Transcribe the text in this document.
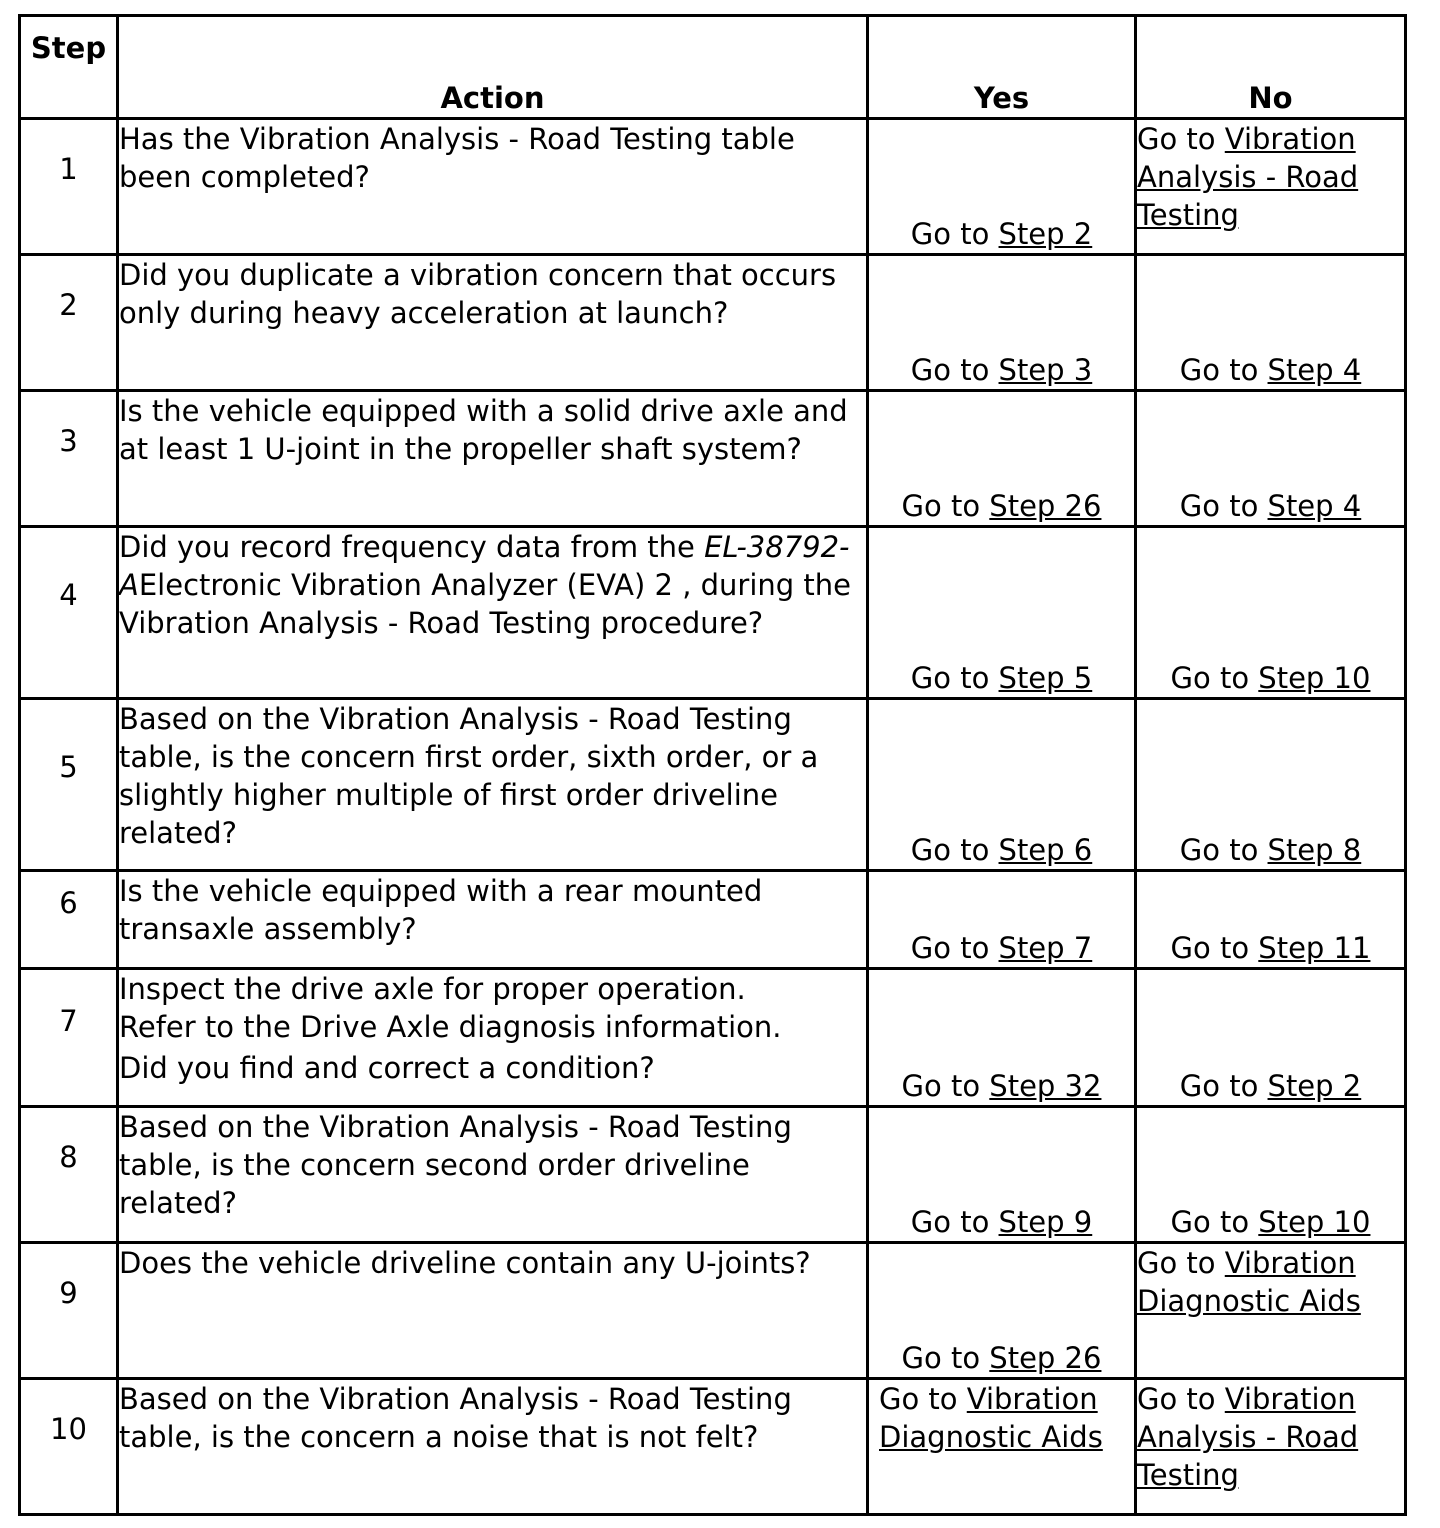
Step	Action	Yes	No
1	Has the Vibration Analysis - Road Testing table been completed?	Go to Step 2	Go to Vibration Analysis - Road Testing
2	Did you duplicate a vibration concern that occurs only during heavy acceleration at launch?	Go to Step 3	Go to Step 4
3	Is the vehicle equipped with a solid drive axle and at least 1 U-joint in the propeller shaft system?	Go to Step 26	Go to Step 4
4	Did you record frequency data from the EL-38792-AElectronic Vibration Analyzer (EVA) 2 , during the Vibration Analysis - Road Testing procedure?	Go to Step 5	Go to Step 10
5	Based on the Vibration Analysis - Road Testing table, is the concern first order, sixth order, or a slightly higher multiple of first order driveline related?	Go to Step 6	Go to Step 8
6	Is the vehicle equipped with a rear mounted transaxle assembly?	Go to Step 7	Go to Step 11
7	Inspect the drive axle for proper operation.
Refer to the Drive Axle diagnosis information.
Did you find and correct a condition?	Go to Step 32	Go to Step 2
8	Based on the Vibration Analysis - Road Testing table, is the concern second order driveline related?	Go to Step 9	Go to Step 10
9	Does the vehicle driveline contain any U-joints?	Go to Step 26	Go to Vibration Diagnostic Aids
10	Based on the Vibration Analysis - Road Testing table, is the concern a noise that is not felt?	Go to Vibration Diagnostic Aids	Go to Vibration Analysis - Road Testing
